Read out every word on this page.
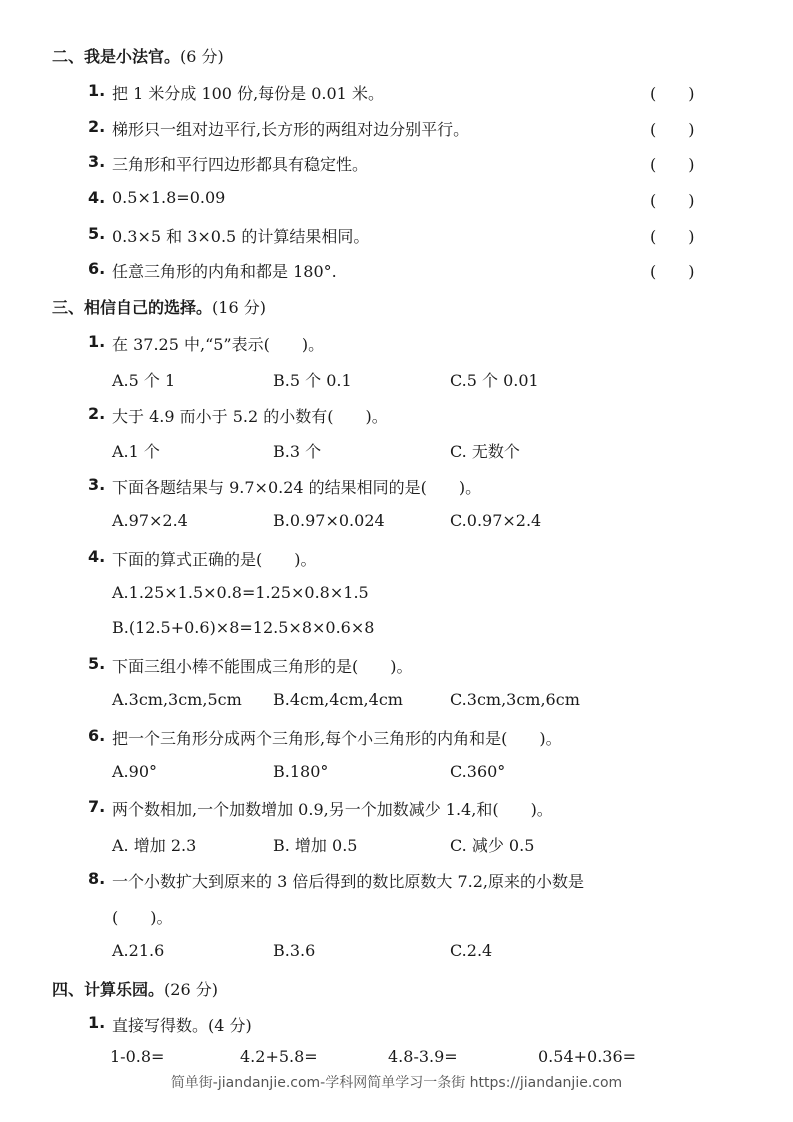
二、我是小法官。(6 分)
1. 把 1 米分成 100 份,每份是 0.01 米。	(　　)
2. 梯形只一组对边平行,长方形的两组对边分别平行。	(　　)
3. 三角形和平行四边形都具有稳定性。	(　　)
4. 0.5×1.8=0.09	(　　)
5. 0.3×5 和 3×0.5 的计算结果相同。	(　　)
6. 任意三角形的内角和都是 180°.	(　　)
三、相信自己的选择。(16 分)
1. 在 37.25 中,“5”表示(　　)。
A.5 个 1	B.5 个 0.1	C.5 个 0.01
2. 大于 4.9 而小于 5.2 的小数有(　　)。
A.1 个	B.3 个	C. 无数个
3. 下面各题结果与 9.7×0.24 的结果相同的是(　　)。
A.97×2.4	B.0.97×0.024	C.0.97×2.4
4. 下面的算式正确的是(　　)。
A.1.25×1.5×0.8=1.25×0.8×1.5
B.(12.5+0.6)×8=12.5×8×0.6×8
5. 下面三组小棒不能围成三角形的是(　　)。
A.3cm,3cm,5cm B.4cm,4cm,4cm	C.3cm,3cm,6cm
6. 把一个三角形分成两个三角形,每个小三角形的内角和是(　　)。
A.90°	B.180°	C.360°
7. 两个数相加,一个加数增加 0.9,另一个加数减少 1.4,和(　　)。
A. 增加 2.3	B. 增加 0.5	C. 减少 0.5
8. 一个小数扩大到原来的 3 倍后得到的数比原数大 7.2,原来的小数是
(　　)。
A.21.6	B.3.6	C.2.4
四、计算乐园。(26 分)
1. 直接写得数。(4 分)
1-0.8=	4.2+5.8=	4.8-3.9=	0.54+0.36=
简单街-jiandanjie.com-学科网简单学习一条街 https://jiandanjie.com
